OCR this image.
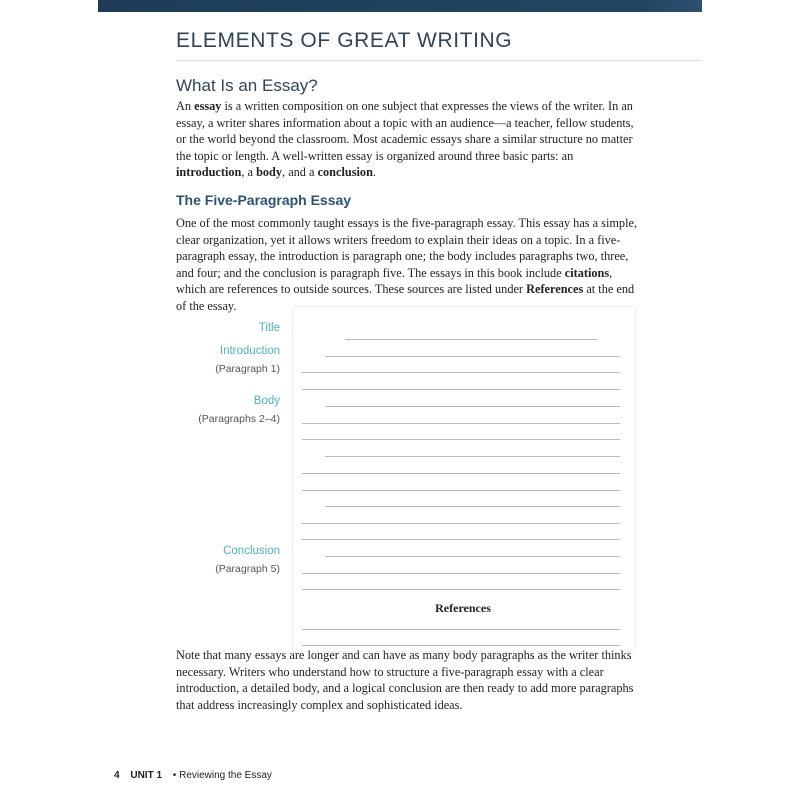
ELEMENTS OF GREAT WRITING
What Is an Essay?
An essay is a written composition on one subject that expresses the views of the writer. In an essay, a writer shares information about a topic with an audience—a teacher, fellow students, or the world beyond the classroom. Most academic essays share a similar structure no matter the topic or length. A well-written essay is organized around three basic parts: an introduction, a body, and a conclusion.
The Five-Paragraph Essay
One of the most commonly taught essays is the five-paragraph essay. This essay has a simple, clear organization, yet it allows writers freedom to explain their ideas on a topic. In a five-paragraph essay, the introduction is paragraph one; the body includes paragraphs two, three, and four; and the conclusion is paragraph five. The essays in this book include citations, which are references to outside sources. These sources are listed under References at the end of the essay.
Title
Introduction
(Paragraph 1)
Body
(Paragraphs 2–4)
Conclusion
(Paragraph 5)
References
Note that many essays are longer and can have as many body paragraphs as the writer thinks necessary. Writers who understand how to structure a five-paragraph essay with a clear introduction, a detailed body, and a logical conclusion are then ready to add more paragraphs that address increasingly complex and sophisticated ideas.
4 UNIT 1 • Reviewing the Essay
